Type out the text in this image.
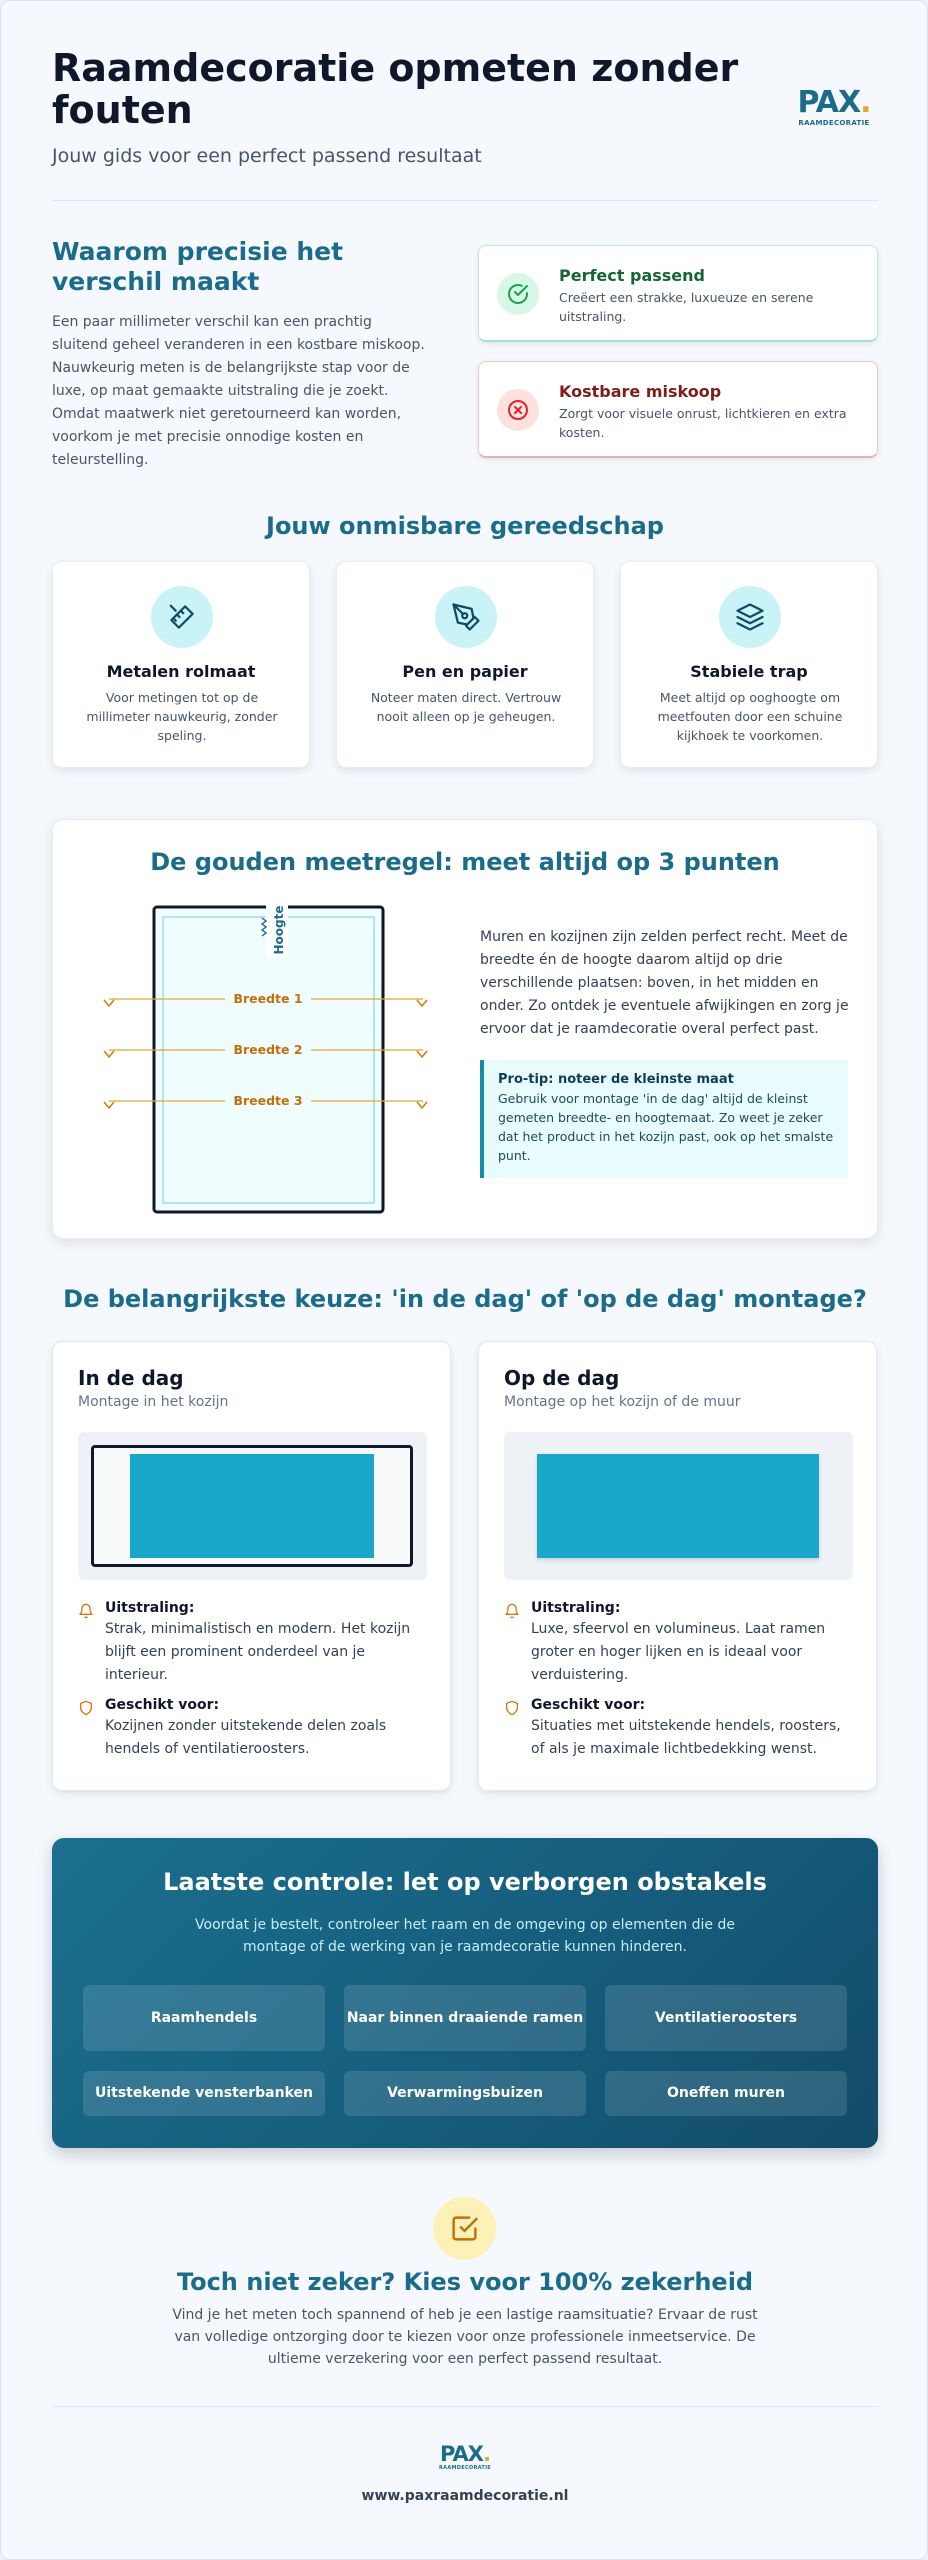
Raamdecoratie opmeten zonder fouten
Jouw gids voor een perfect passend resultaat
PAX.
RAAMDECORATIE
Waarom precisie het verschil maakt

Een paar millimeter verschil kan een prachtig sluitend geheel veranderen in een kostbare miskoop. Nauwkeurig meten is de belangrijkste stap voor de luxe, op maat gemaakte uitstraling die je zoekt. Omdat maatwerk niet geretourneerd kan worden, voorkom je met precisie onnodige kosten en teleurstelling.

Perfect passend
Creëert een strakke, luxueuze en serene uitstraling.
Kostbare miskoop
Zorgt voor visuele onrust, lichtkieren en extra kosten.
Jouw onmisbare gereedschap
Metalen rolmaat
Voor metingen tot op de millimeter nauwkeurig, zonder speling.
Pen en papier
Noteer maten direct. Vertrouw nooit alleen op je geheugen.
Stabiele trap
Meet altijd op ooghoogte om meetfouten door een schuine kijkhoek te voorkomen.
De gouden meetregel: meet altijd op 3 punten
Hoogte
Breedte 1
Breedte 2
Breedte 3

Muren en kozijnen zijn zelden perfect recht. Meet de breedte én de hoogte daarom altijd op drie verschillende plaatsen: boven, in het midden en onder. Zo ontdek je eventuele afwijkingen en zorg je ervoor dat je raamdecoratie overal perfect past.

Pro-tip: noteer de kleinste maat
Gebruik voor montage 'in de dag' altijd de kleinst gemeten breedte- en hoogtemaat. Zo weet je zeker dat het product in het kozijn past, ook op het smalste punt.
De belangrijkste keuze: 'in de dag' of 'op de dag' montage?
In de dag
Montage in het kozijn
Uitstraling:
Strak, minimalistisch en modern. Het kozijn blijft een prominent onderdeel van je interieur.
Geschikt voor:
Kozijnen zonder uitstekende delen zoals hendels of ventilatieroosters.
Op de dag
Montage op het kozijn of de muur
Uitstraling:
Luxe, sfeervol en volumineus. Laat ramen groter en hoger lijken en is ideaal voor verduistering.
Geschikt voor:
Situaties met uitstekende hendels, roosters, of als je maximale lichtbedekking wenst.
Laatste controle: let op verborgen obstakels

Voordat je bestelt, controleer het raam en de omgeving op elementen die de montage of de werking van je raamdecoratie kunnen hinderen.

Raamhendels	Naar binnen draaiende ramen	Ventilatieroosters
Uitstekende vensterbanken	Verwarmingsbuizen	Oneffen muren
Toch niet zeker? Kies voor 100% zekerheid

Vind je het meten toch spannend of heb je een lastige raamsituatie? Ervaar de rust van volledige ontzorging door te kiezen voor onze professionele inmeetservice. De ultieme verzekering voor een perfect passend resultaat.

PAX.
RAAMDECORATIE
www.paxraamdecoratie.nl
